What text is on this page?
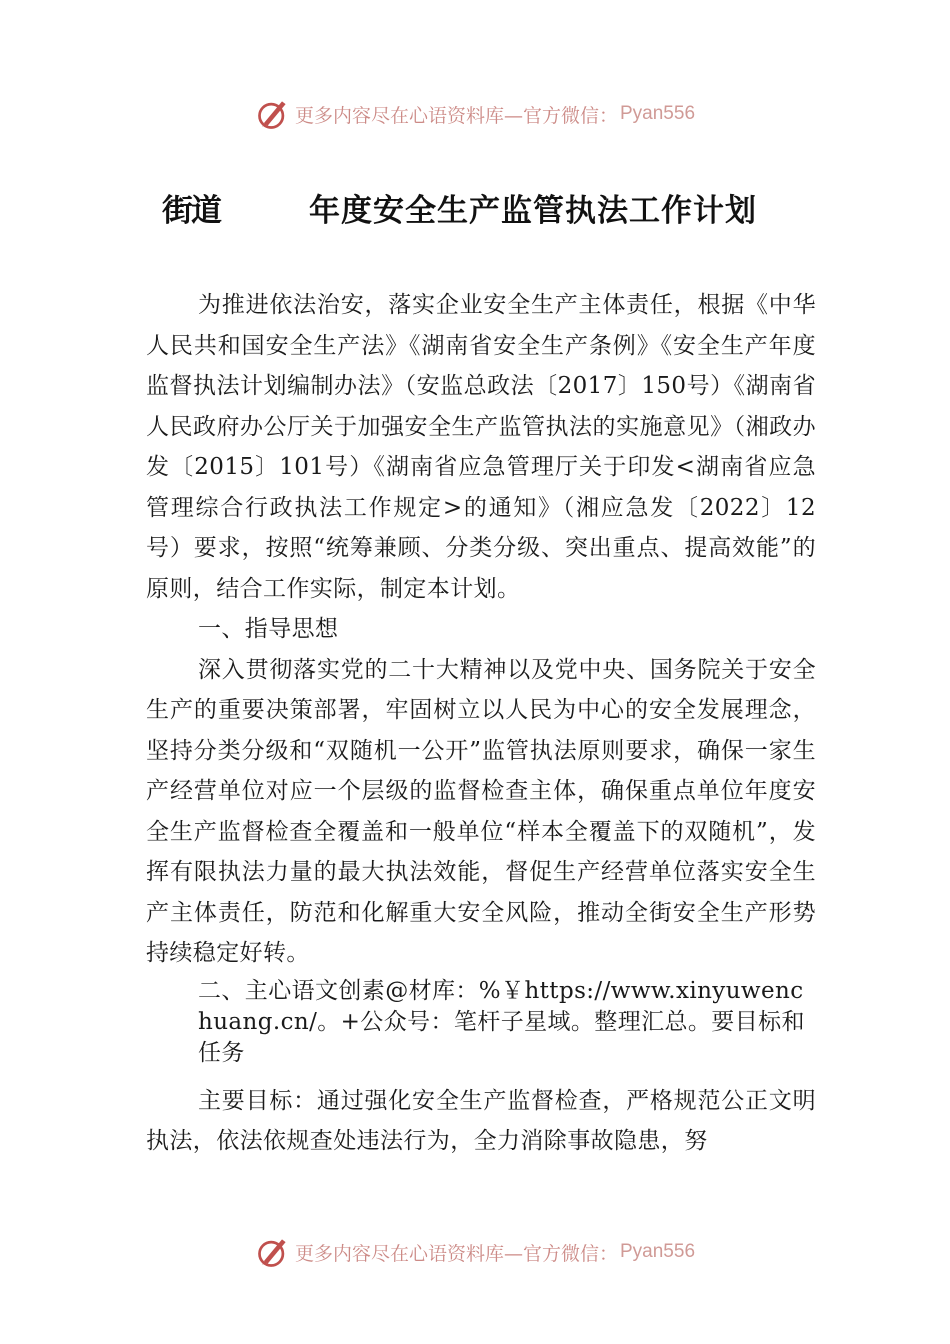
更多内容尽在心语资料库—官方微信： Pyan556
街道	年度安全生产监管执法工作计划

为推进依法治安，落实企业安全生产主体责任，根据《中华人民共和国安全生产法》《湖南省安全生产条例》《安全生产年度监督执法计划编制办法》（安监总政法〔2017〕150号）《湖南省人民政府办公厅关于加强安全生产监管执法的实施意见》（湘政办发〔2015〕101号）《湖南省应急管理厅关于印发<湖南省应急管理综合行政执法工作规定>的通知》（湘应急发〔2022〕12号）要求，按照“统筹兼顾、分类分级、突出重点、提高效能”的原则，结合工作实际，制定本计划。

一、指导思想

深入贯彻落实党的二十大精神以及党中央、国务院关于安全生产的重要决策部署，牢固树立以人民为中心的安全发展理念，坚持分类分级和“双随机一公开”监管执法原则要求，确保一家生产经营单位对应一个层级的监督检查主体，确保重点单位年度安全生产监督检查全覆盖和一般单位“样本全覆盖下的双随机”，发挥有限执法力量的最大执法效能，督促生产经营单位落实安全生产主体责任，防范和化解重大安全风险，推动全街安全生产形势持续稳定好转。

二、主心语文创素@材库：%￥https://www.xinyuwenchuang.cn/。+公众号：笔杆子星域。整理汇总。要目标和任务

主要目标：通过强化安全生产监督检查，严格规范公正文明执法，依法依规查处违法行为，全力消除事故隐患，努

更多内容尽在心语资料库—官方微信： Pyan556
